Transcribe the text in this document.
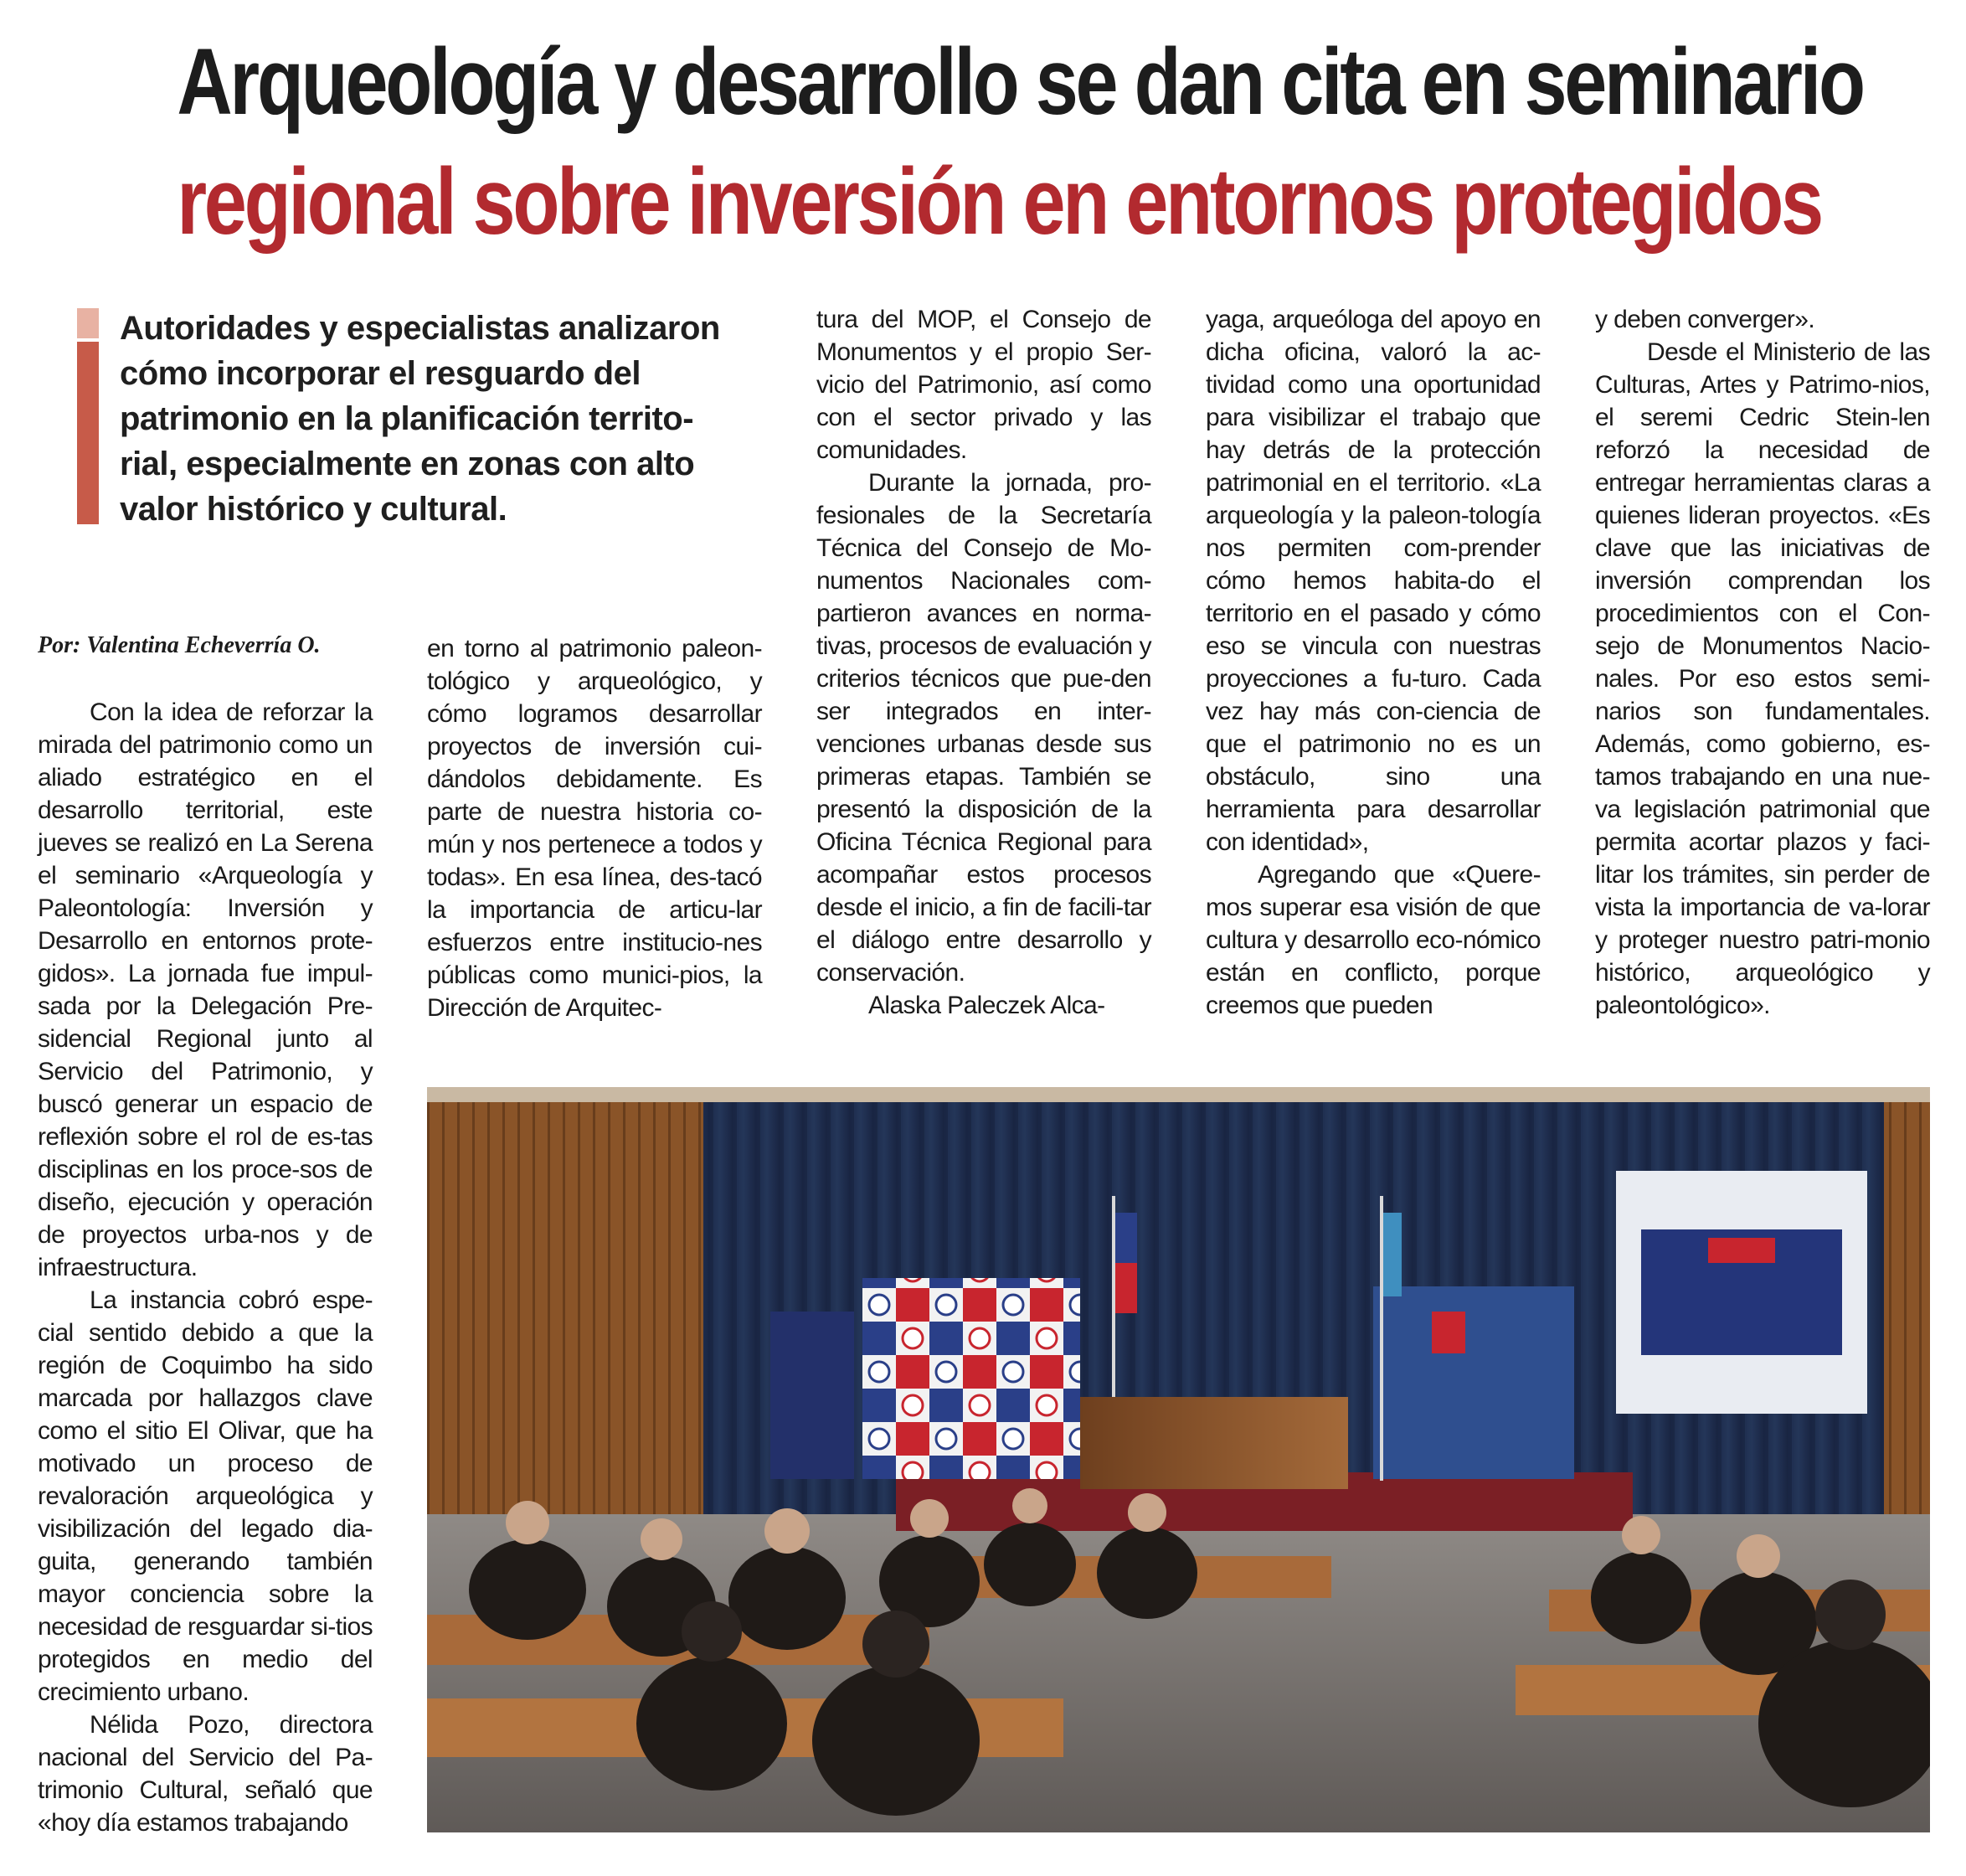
Arqueología y desarrollo se dan cita en seminario
regional sobre inversión en entornos protegidos
Autoridades y especialistas analizaron cómo incorporar el resguardo del patrimonio en la planificación territo-rial, especialmente en zonas con alto valor histórico y cultural.
Por: Valentina Echeverría O.

Con la idea de reforzar la mirada del patrimonio como un aliado estratégico en el desarrollo territorial, este jueves se realizó en La Serena el seminario «Arqueología y Paleontología: Inversión y Desarrollo en entornos prote-gidos». La jornada fue impul-sada por la Delegación Pre-sidencial Regional junto al Servicio del Patrimonio, y buscó generar un espacio de reflexión sobre el rol de es-tas disciplinas en los proce-sos de diseño, ejecución y operación de proyectos urba-nos y de infraestructura.

La instancia cobró espe-cial sentido debido a que la región de Coquimbo ha sido marcada por hallazgos clave como el sitio El Olivar, que ha motivado un proceso de revaloración arqueológica y visibilización del legado dia-guita, generando también mayor conciencia sobre la necesidad de resguardar si-tios protegidos en medio del crecimiento urbano.

Nélida Pozo, directora nacional del Servicio del Pa-trimonio Cultural, señaló que «hoy día estamos trabajando

en torno al patrimonio paleon-tológico y arqueológico, y cómo logramos desarrollar proyectos de inversión cui-dándolos debidamente. Es parte de nuestra historia co-mún y nos pertenece a todos y todas». En esa línea, des-tacó la importancia de articu-lar esfuerzos entre institucio-nes públicas como munici-pios, la Dirección de Arquitec-

tura del MOP, el Consejo de Monumentos y el propio Ser-vicio del Patrimonio, así como con el sector privado y las comunidades.

Durante la jornada, pro-fesionales de la Secretaría Técnica del Consejo de Mo-numentos Nacionales com-partieron avances en norma-tivas, procesos de evaluación y criterios técnicos que pue-den ser integrados en inter-venciones urbanas desde sus primeras etapas. También se presentó la disposición de la Oficina Técnica Regional para acompañar estos procesos desde el inicio, a fin de facili-tar el diálogo entre desarrollo y conservación.

Alaska Paleczek Alca-

yaga, arqueóloga del apoyo en dicha oficina, valoró la ac-tividad como una oportunidad para visibilizar el trabajo que hay detrás de la protección patrimonial en el territorio. «La arqueología y la paleon-tología nos permiten com-prender cómo hemos habita-do el territorio en el pasado y cómo eso se vincula con nuestras proyecciones a fu-turo. Cada vez hay más con-ciencia de que el patrimonio no es un obstáculo, sino una herramienta para desarrollar con identidad»,

Agregando que «Quere-mos superar esa visión de que cultura y desarrollo eco-nómico están en conflicto, porque creemos que pueden

y deben converger».

Desde el Ministerio de las Culturas, Artes y Patrimo-nios, el seremi Cedric Stein-len reforzó la necesidad de entregar herramientas claras a quienes lideran proyectos. «Es clave que las iniciativas de inversión comprendan los procedimientos con el Con-sejo de Monumentos Nacio-nales. Por eso estos semi-narios son fundamentales. Además, como gobierno, es-tamos trabajando en una nue-va legislación patrimonial que permita acortar plazos y faci-litar los trámites, sin perder de vista la importancia de va-lorar y proteger nuestro patri-monio histórico, arqueológico y paleontológico».
